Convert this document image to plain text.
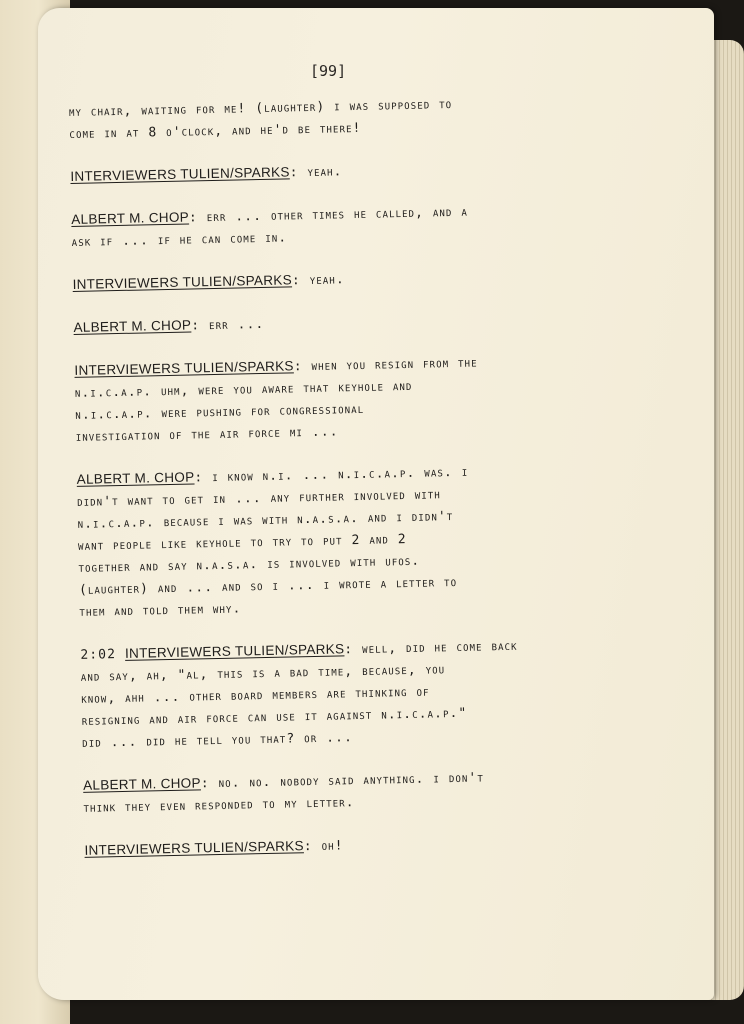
[99]
my chair, waiting for me! (laughter) i was supposed to
come in at 8 o'clock, and he'd be there!
INTERVIEWERS TULIEN/SPARKS: yeah.
ALBERT M. CHOP: err ... other times he called, and a
ask if ... if he can come in.
INTERVIEWERS TULIEN/SPARKS: yeah.
ALBERT M. CHOP: err ...
INTERVIEWERS TULIEN/SPARKS: when you resign from the
n.i.c.a.p. uhm, were you aware that keyhole and
n.i.c.a.p. were pushing for congressional
investigation of the air force mi ...
ALBERT M. CHOP: i know n.i. ... n.i.c.a.p. was. i
didn't want to get in ... any further involved with
n.i.c.a.p. because i was with n.a.s.a. and i didn't
want people like keyhole to try to put 2 and 2
together and say n.a.s.a. is involved with ufos.
(laughter) and ... and so i ... i wrote a letter to
them and told them why.
2:02 INTERVIEWERS TULIEN/SPARKS: well, did he come back
and say, ah, "al, this is a bad time, because, you
know, ahh ... other board members are thinking of
resigning and air force can use it against n.i.c.a.p."
did ... did he tell you that? or ...
ALBERT M. CHOP: no. no. nobody said anything. i don't
think they even responded to my letter.
INTERVIEWERS TULIEN/SPARKS: oh!
